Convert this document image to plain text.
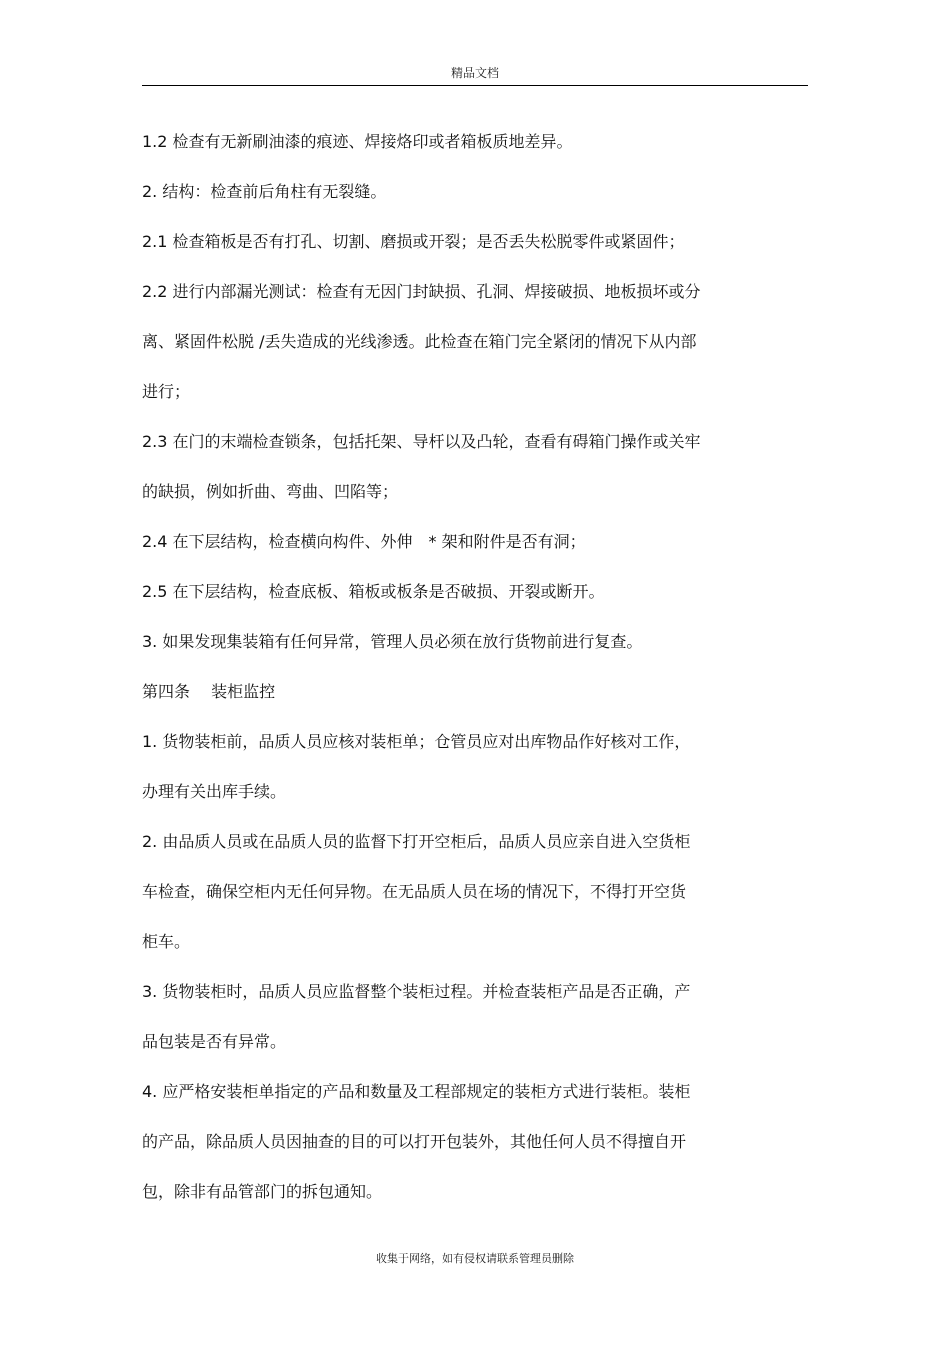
精品文档
1.2 检查有无新刷油漆的痕迹、焊接烙印或者箱板质地差异。
2. 结构：检查前后角柱有无裂缝。
2.1 检查箱板是否有打孔、切割、磨损或开裂；是否丢失松脱零件或紧固件；
2.2 进行内部漏光测试：检查有无因门封缺损、孔洞、焊接破损、地板损坏或分
离、紧固件松脱 /丢失造成的光线渗透。此检查在箱门完全紧闭的情况下从内部
进行；
2.3 在门的末端检查锁条，包括托架、导杆以及凸轮，查看有碍箱门操作或关牢
的缺损，例如折曲、弯曲、凹陷等；
2.4 在下层结构，检查横向构件、外伸　* 架和附件是否有洞；
2.5 在下层结构，检查底板、箱板或板条是否破损、开裂或断开。
3. 如果发现集装箱有任何异常，管理人员必须在放行货物前进行复查。
第四条　 装柜监控
1. 货物装柜前，品质人员应核对装柜单；仓管员应对出库物品作好核对工作，
办理有关出库手续。
2. 由品质人员或在品质人员的监督下打开空柜后，品质人员应亲自进入空货柜
车检查，确保空柜内无任何异物。在无品质人员在场的情况下，不得打开空货
柜车。
3. 货物装柜时，品质人员应监督整个装柜过程。并检查装柜产品是否正确，产
品包装是否有异常。
4. 应严格安装柜单指定的产品和数量及工程部规定的装柜方式进行装柜。装柜
的产品，除品质人员因抽查的目的可以打开包装外，其他任何人员不得擅自开
包，除非有品管部门的拆包通知。
收集于网络，如有侵权请联系管理员删除
